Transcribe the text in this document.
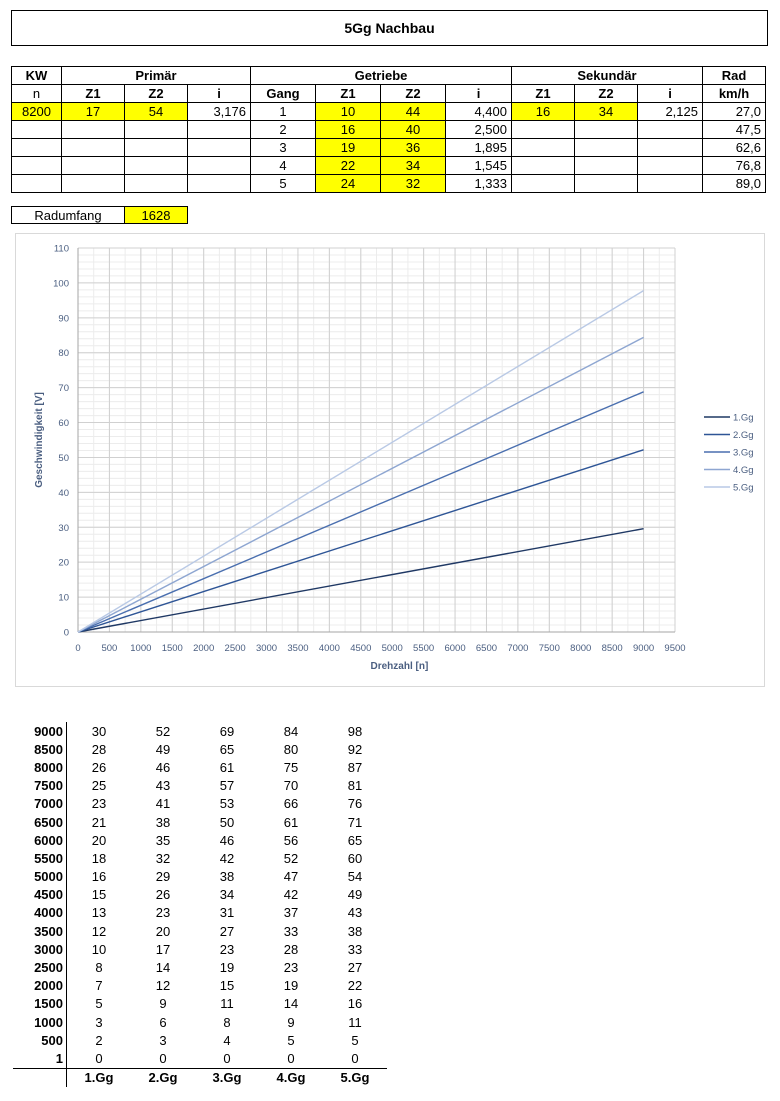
5Gg Nachbau
KW	Primär			Getriebe				Sekundär			Rad
n	Z1	Z2	i	Gang	Z1	Z2	i	Z1	Z2	i	km/h
8200	17	54	3,176	1	10	44	4,400	16	34	2,125	27,0
				2	16	40	2,500				47,5
				3	19	36	1,895				62,6
				4	22	34	1,545				76,8
				5	24	32	1,333				89,0
Radumfang	1628
0 500 1000 1500 2000 2500 3000 3500 4000 4500 5000 5500 6000 6500 7000 7500 8000 8500 9000 9500
0
10
20
30
40
50
60
70
80
90
100
110
Drehzahl [n]
Geschwindigkeit [V]	1.Gg
2.Gg
3.Gg
4.Gg
5.Gg
9000	30	52	69	84	98
8500	28	49	65	80	92
8000	26	46	61	75	87
7500	25	43	57	70	81
7000	23	41	53	66	76
6500	21	38	50	61	71
6000	20	35	46	56	65
5500	18	32	42	52	60
5000	16	29	38	47	54
4500	15	26	34	42	49
4000	13	23	31	37	43
3500	12	20	27	33	38
3000	10	17	23	28	33
2500	8	14	19	23	27
2000	7	12	15	19	22
1500	5	9	11	14	16
1000	3	6	8	9	11
500	2	3	4	5	5
1	0	0	0	0	0
	1.Gg	2.Gg	3.Gg	4.Gg	5.Gg
